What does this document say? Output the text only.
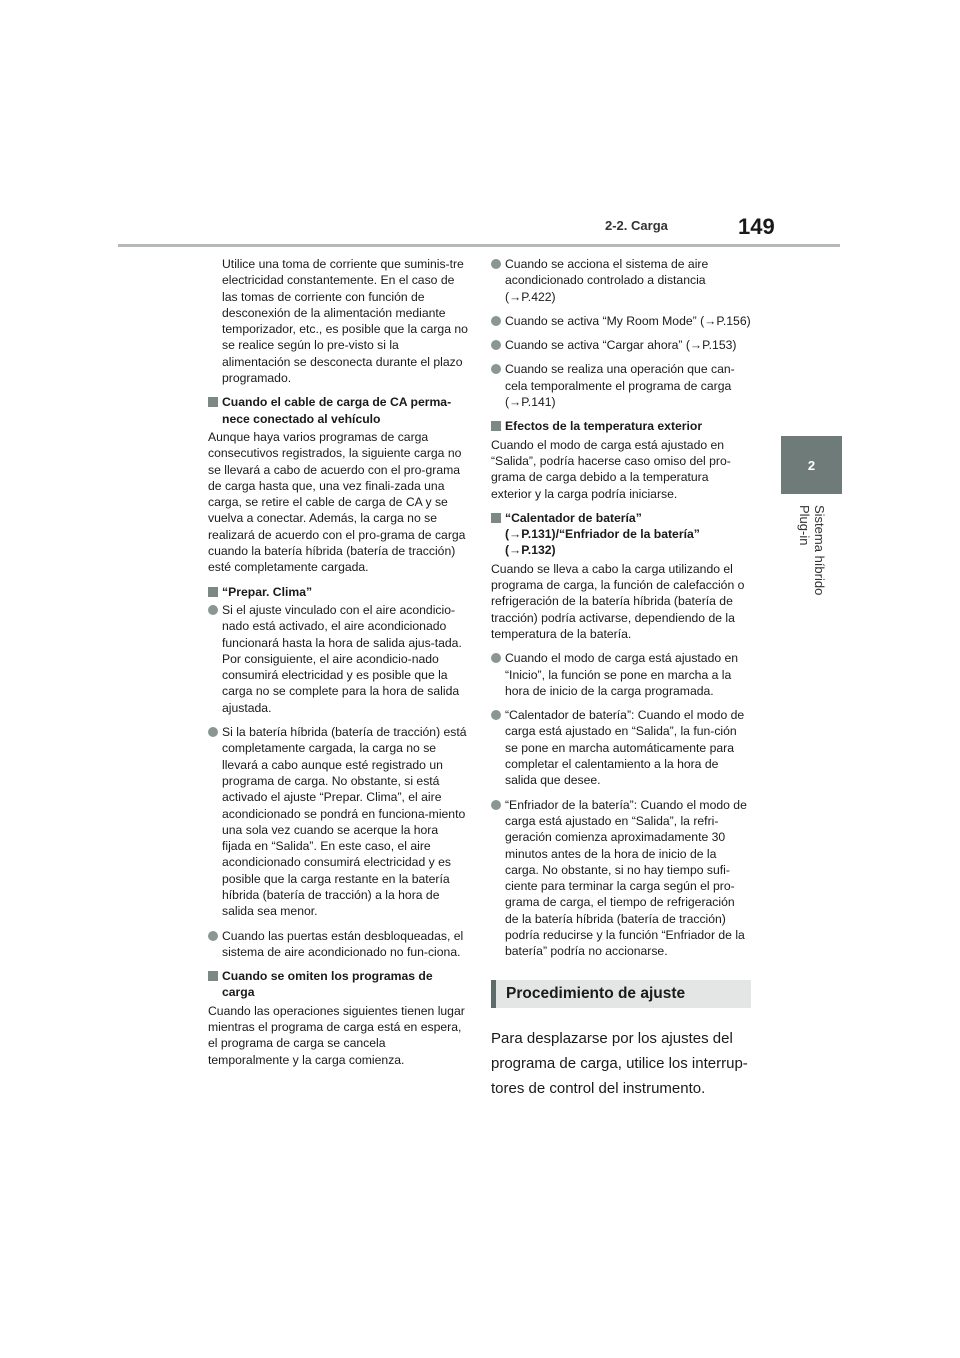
2-2. Carga	149
2
Sistema híbrido Plug-in
Utilice una toma de corriente que suminis-tre electricidad constantemente. En el caso de las tomas de corriente con función de desconexión de la alimentación mediante temporizador, etc., es posible que la carga no se realice según lo pre-visto si la alimentación se desconecta durante el plazo programado.
Cuando el cable de carga de CA perma-nece conectado al vehículo
Aunque haya varios programas de carga consecutivos registrados, la siguiente carga no se llevará a cabo de acuerdo con el pro-grama de carga hasta que, una vez finali-zada una carga, se retire el cable de carga de CA y se vuelva a conectar. Además, la carga no se realizará de acuerdo con el pro-grama de carga cuando la batería híbrida (batería de tracción) esté completamente cargada.
“Prepar. Clima”
Si el ajuste vinculado con el aire acondicio-nado está activado, el aire acondicionado funcionará hasta la hora de salida ajus-tada. Por consiguiente, el aire acondicio-nado consumirá electricidad y es posible que la carga no se complete para la hora de salida ajustada.
Si la batería híbrida (batería de tracción) está completamente cargada, la carga no se llevará a cabo aunque esté registrado un programa de carga. No obstante, si está activado el ajuste “Prepar. Clima”, el aire acondicionado se pondrá en funciona-miento una sola vez cuando se acerque la hora fijada en “Salida”. En este caso, el aire acondicionado consumirá electricidad y es posible que la carga restante en la batería híbrida (batería de tracción) a la hora de salida sea menor.
Cuando las puertas están desbloqueadas, el sistema de aire acondicionado no fun-ciona.
Cuando se omiten los programas de carga
Cuando las operaciones siguientes tienen lugar mientras el programa de carga está en espera, el programa de carga se cancela temporalmente y la carga comienza.
Cuando se acciona el sistema de aire acondicionado controlado a distancia (→P.422)
Cuando se activa “My Room Mode” (→P.156)
Cuando se activa “Cargar ahora” (→P.153)
Cuando se realiza una operación que can-cela temporalmente el programa de carga (→P.141)
Efectos de la temperatura exterior
Cuando el modo de carga está ajustado en “Salida”, podría hacerse caso omiso del pro-grama de carga debido a la temperatura exterior y la carga podría iniciarse.
“Calentador de batería” (→P.131)/“Enfriador de la batería” (→P.132)
Cuando se lleva a cabo la carga utilizando el programa de carga, la función de calefacción o refrigeración de la batería híbrida (batería de tracción) podría activarse, dependiendo de la temperatura de la batería.
Cuando el modo de carga está ajustado en “Inicio”, la función se pone en marcha a la hora de inicio de la carga programada.
“Calentador de batería”: Cuando el modo de carga está ajustado en “Salida”, la fun-ción se pone en marcha automáticamente para completar el calentamiento a la hora de salida que desee.
“Enfriador de la batería”: Cuando el modo de carga está ajustado en “Salida”, la refri-geración comienza aproximadamente 30 minutos antes de la hora de inicio de la carga. No obstante, si no hay tiempo sufi-ciente para terminar la carga según el pro-grama de carga, el tiempo de refrigeración de la batería híbrida (batería de tracción) podría reducirse y la función “Enfriador de la batería” podría no accionarse.
Procedimiento de ajuste
Para desplazarse por los ajustes del programa de carga, utilice los interrup-tores de control del instrumento.
